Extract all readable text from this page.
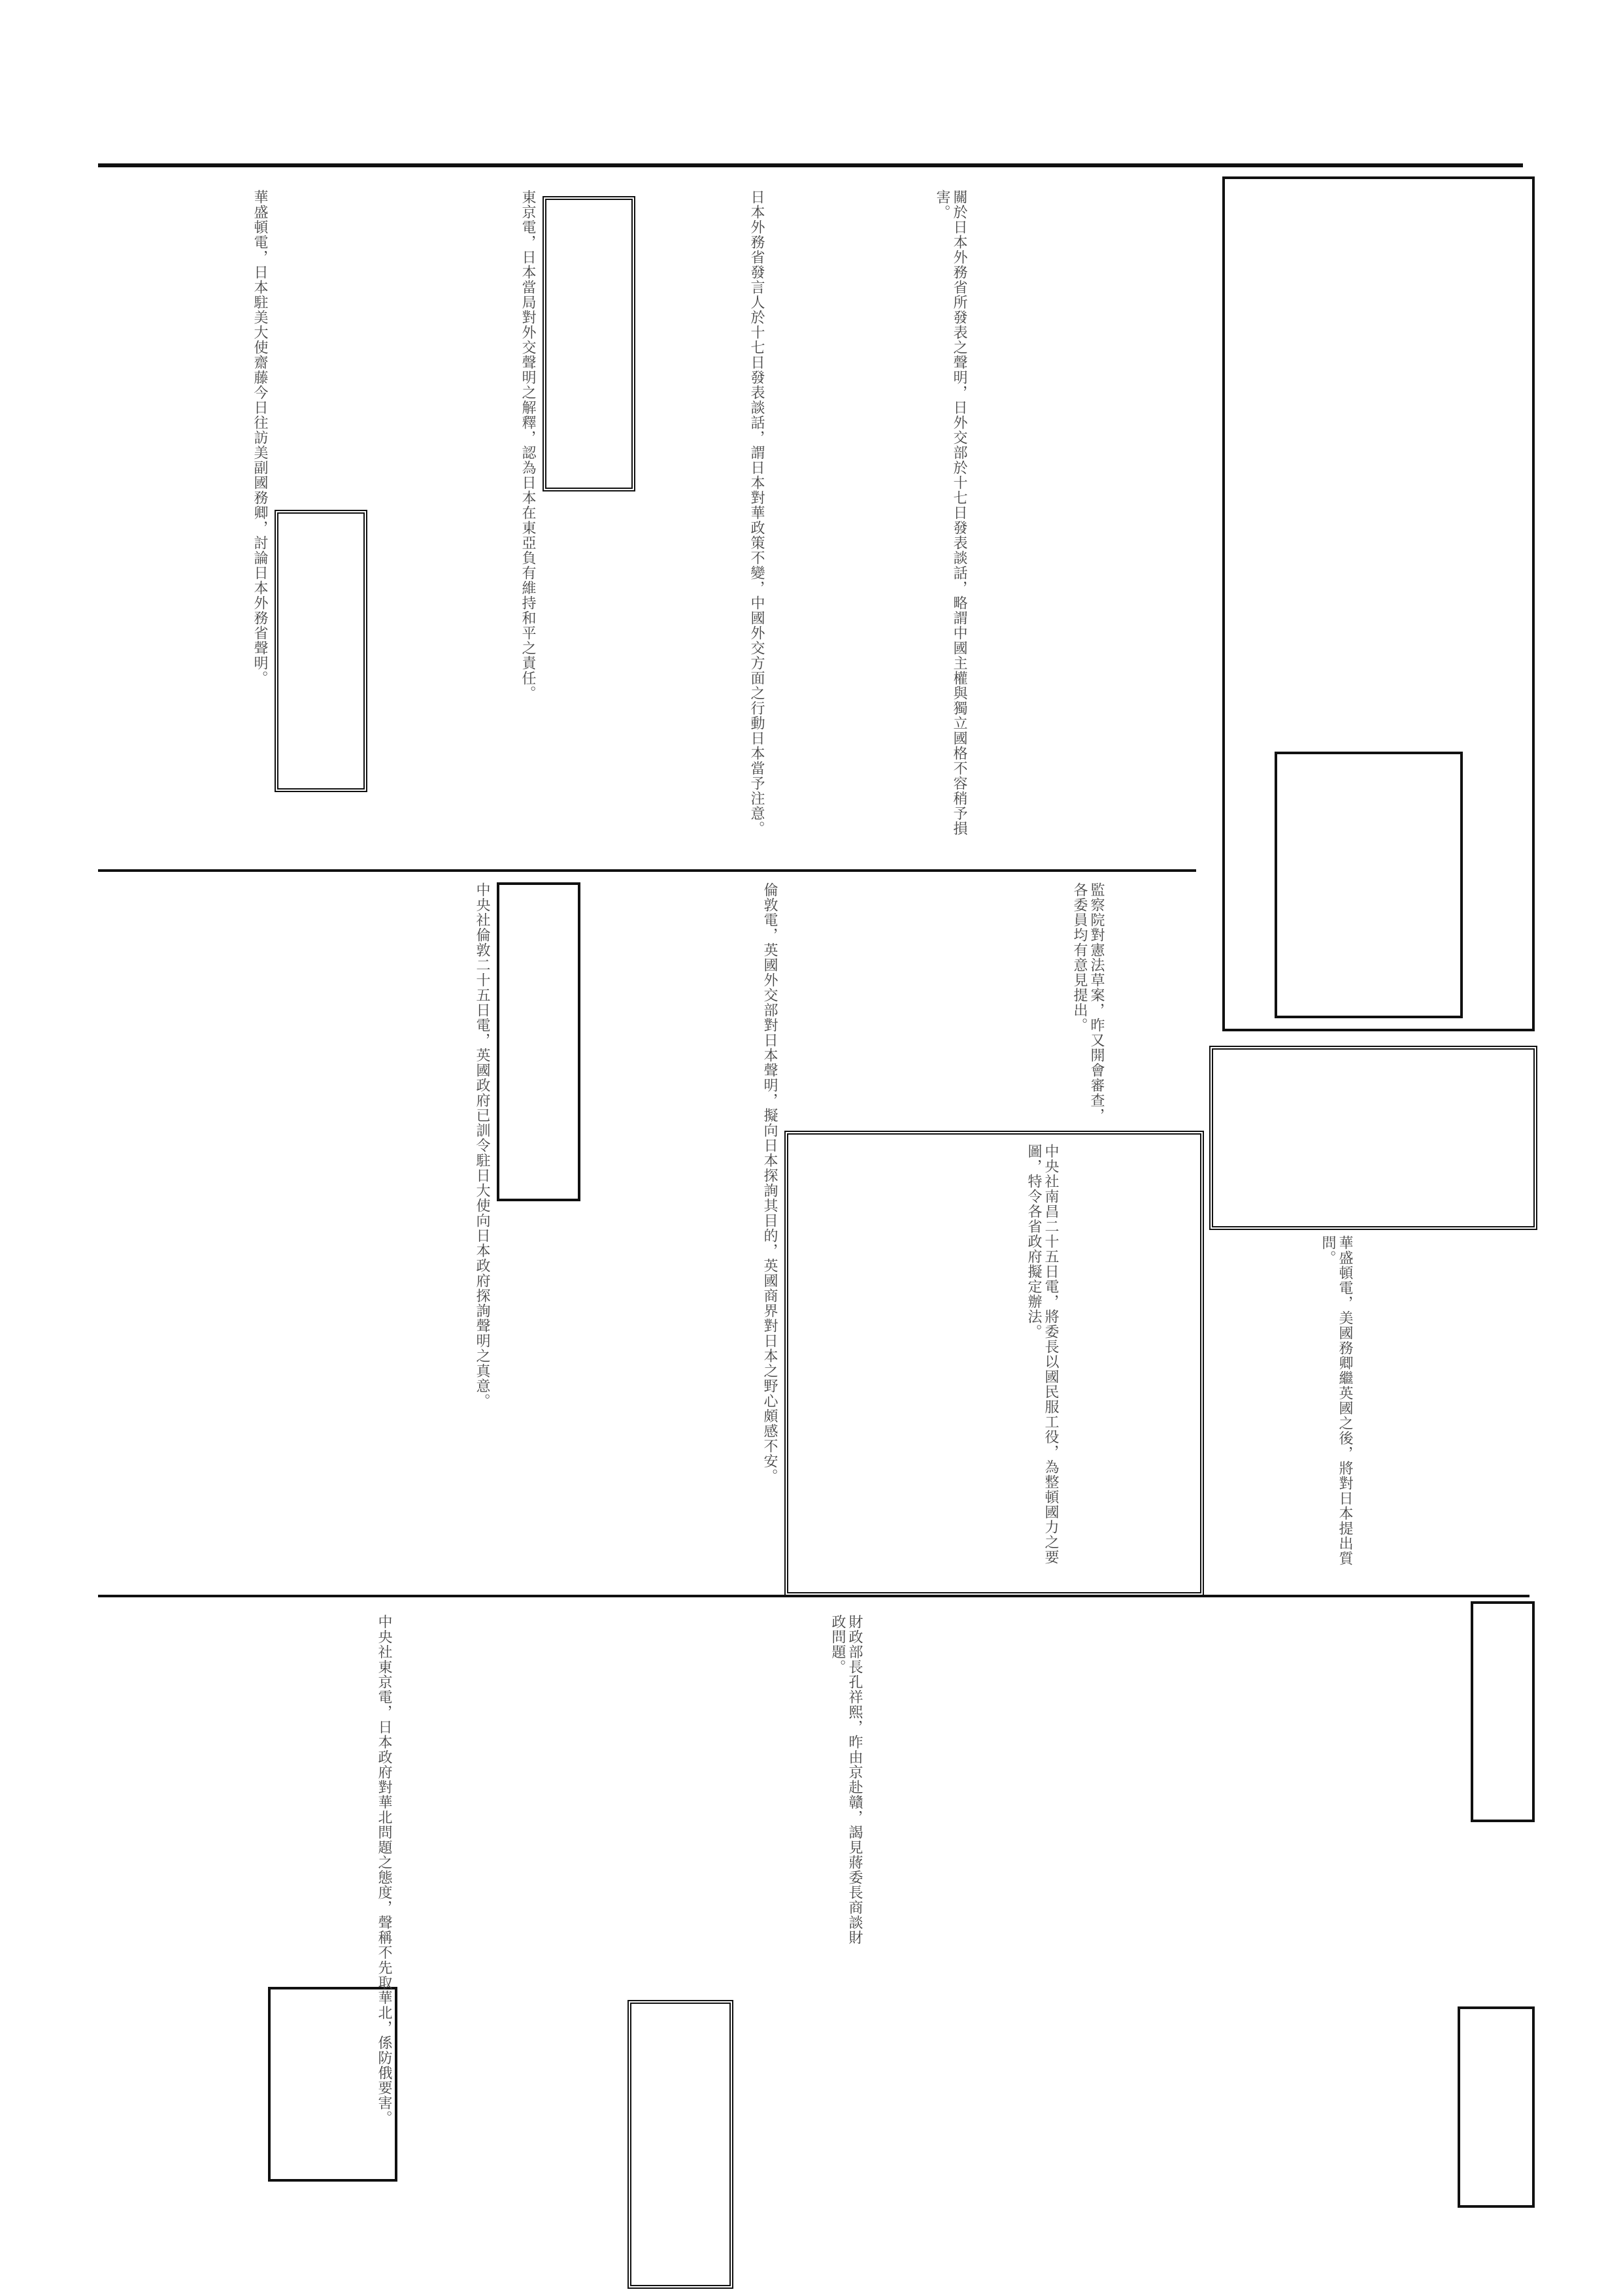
關於日本外務省所發表之聲明，日外交部於十七日發表談話，略謂中國主權與獨立國格不容稍予損害。
日本外務省發言人於十七日發表談話，謂日本對華政策不變，中國外交方面之行動日本當予注意。
東京電，日本當局對外交聲明之解釋，認為日本在東亞負有維持和平之責任。
華盛頓電，日本駐美大使齋藤今日往訪美副國務卿，討論日本外務省聲明。
監察院對憲法草案，昨又開會審查，各委員均有意見提出。
中央社南昌二十五日電，將委長以國民服工役，為整頓國力之要圖，特令各省政府擬定辦法。
倫敦電，英國外交部對日本聲明，擬向日本探詢其目的，英國商界對日本之野心頗感不安。
中央社倫敦二十五日電，英國政府已訓令駐日大使向日本政府探詢聲明之真意。	華盛頓電，美國務卿繼英國之後，將對日本提出質問。
財政部長孔祥熙，昨由京赴贛，謁見蔣委長商談財政問題。
中央社東京電，日本政府對華北問題之態度，聲稱不先取華北，係防俄要害。
